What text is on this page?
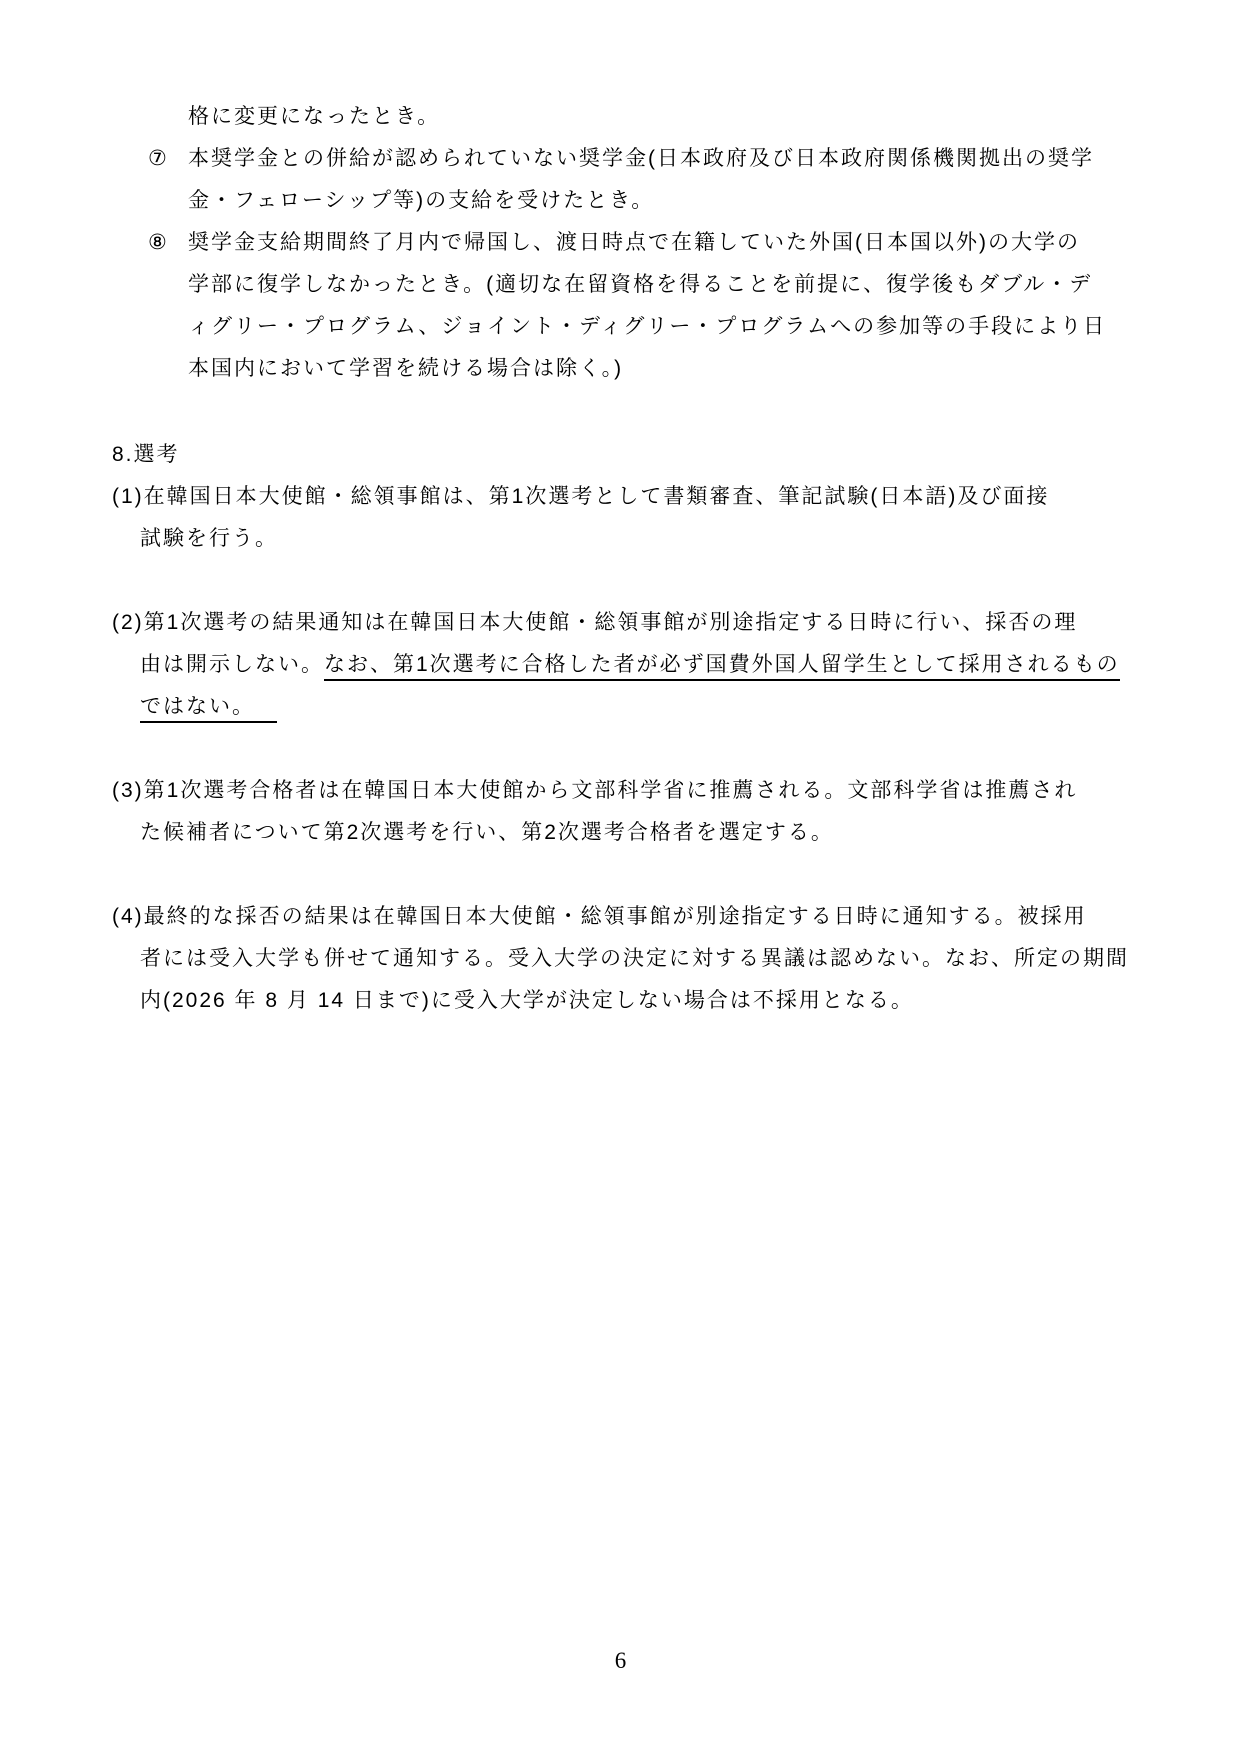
格に変更になったとき。
⑦ 本奨学金との併給が認められていない奨学金(日本政府及び日本政府関係機関拠出の奨学
金・フェローシップ等)の支給を受けたとき。
⑧ 奨学金支給期間終了月内で帰国し、渡日時点で在籍していた外国(日本国以外)の大学の
学部に復学しなかったとき。(適切な在留資格を得ることを前提に、復学後もダブル・デ
ィグリー・プログラム、ジョイント・ディグリー・プログラムへの参加等の手段により日
本国内において学習を続ける場合は除く。)
8.選考
(1)在韓国日本大使館・総領事館は、第1次選考として書類審査、筆記試験(日本語)及び面接
試験を行う。
(2)第1次選考の結果通知は在韓国日本大使館・総領事館が別途指定する日時に行い、採否の理
由は開示しない。なお、第1次選考に合格した者が必ず国費外国人留学生として採用されるもの
ではない。
(3)第1次選考合格者は在韓国日本大使館から文部科学省に推薦される。文部科学省は推薦され
た候補者について第2次選考を行い、第2次選考合格者を選定する。
(4)最終的な採否の結果は在韓国日本大使館・総領事館が別途指定する日時に通知する。被採用
者には受入大学も併せて通知する。受入大学の決定に対する異議は認めない。なお、所定の期間
内(2026 年 8 月 14 日まで)に受入大学が決定しない場合は不採用となる。
6
